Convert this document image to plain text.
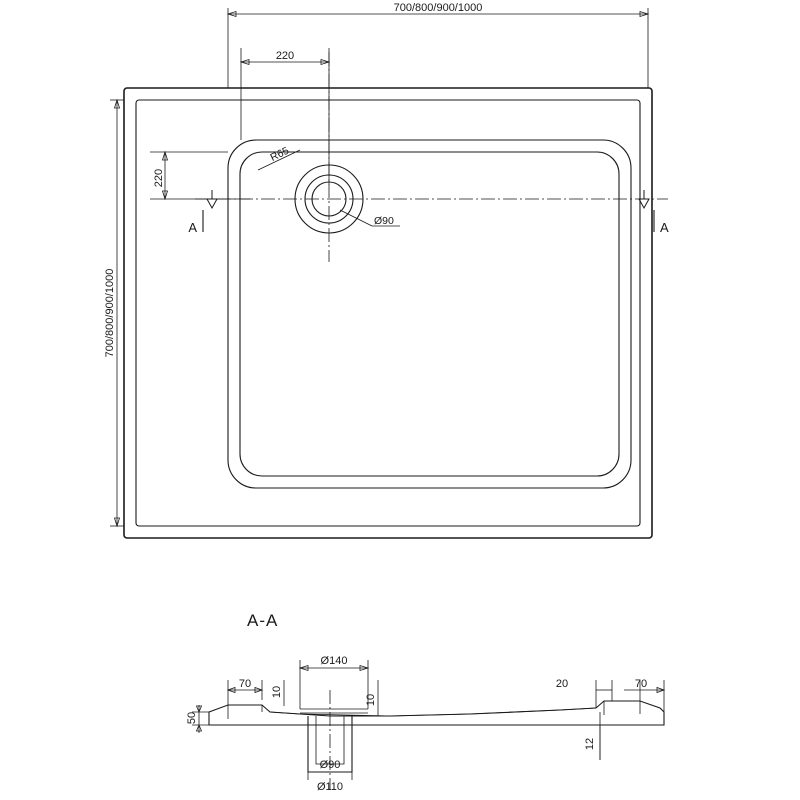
700/800/900/1000
220
220
700/800/900/1000
R65
Ø90
A	A
A-A
Ø140
70
10
10
50
20	70
12
Ø90
Ø110
